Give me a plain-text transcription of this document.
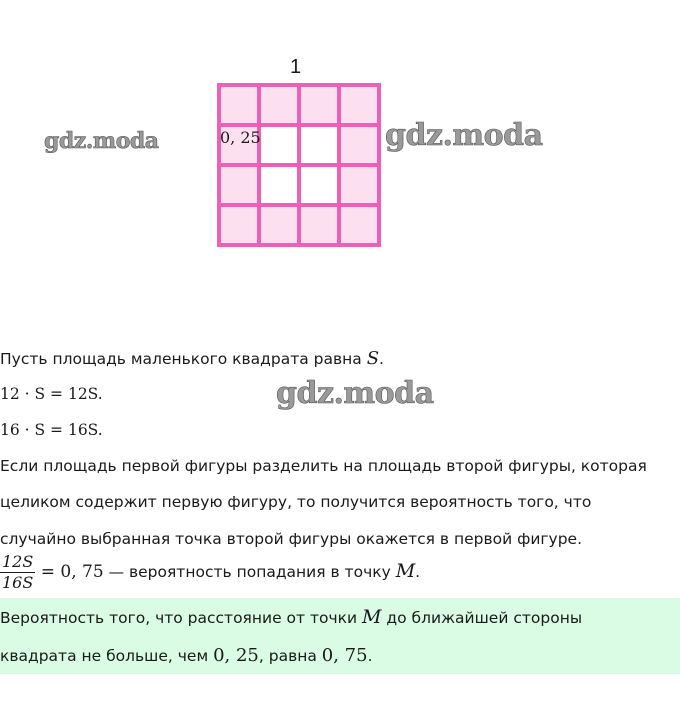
1
0, 25
gdz.moda	gdz.moda
gdz.moda
Пусть площадь маленького квадрата равна S.
12 · S = 12S.
16 · S = 16S.
Если площадь первой фигуры разделить на площадь второй фигуры, которая
целиком содержит первую фигуру, то получится вероятность того, что
случайно выбранная точка второй фигуры окажется в первой фигуре.
$\frac{12S}{16S} = 0$, 75 — вероятность попадания в точку M.
Вероятность того, что расстояние от точки M до ближайшей стороны
квадрата не больше, чем 0, 25, равна 0, 75.
